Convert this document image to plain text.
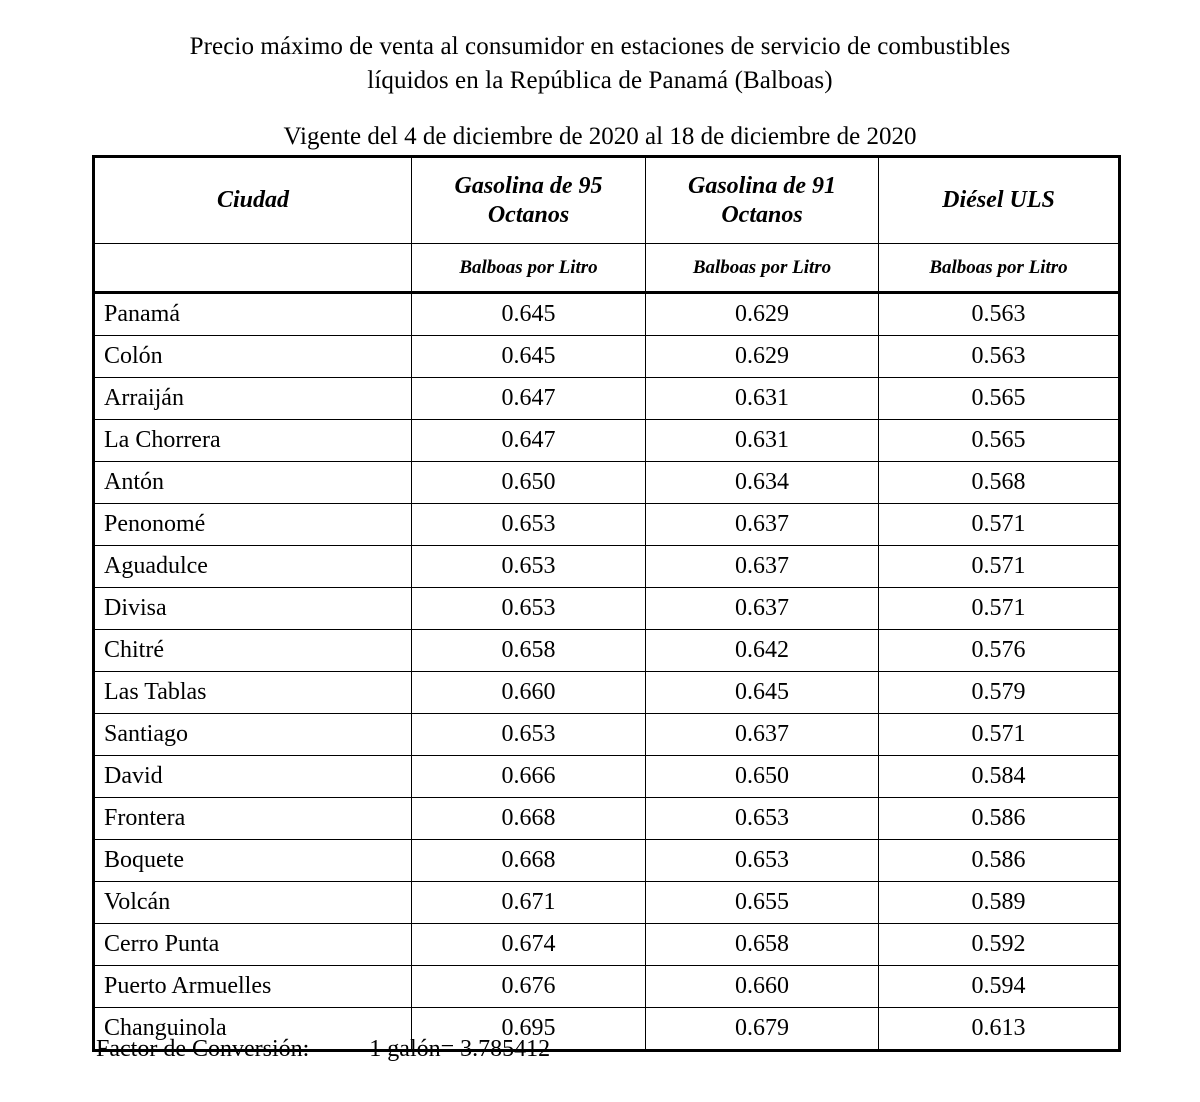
Precio máximo de venta al consumidor en estaciones de servicio de combustibles
líquidos en la República de Panamá (Balboas)
Vigente del 4 de diciembre de 2020 al 18 de diciembre de 2020
Ciudad	Gasolina de 95 Octanos	Gasolina de 91 Octanos	Diésel ULS
	Balboas por Litro	Balboas por Litro	Balboas por Litro
Panamá	0.645	0.629	0.563
Colón	0.645	0.629	0.563
Arraiján	0.647	0.631	0.565
La Chorrera	0.647	0.631	0.565
Antón	0.650	0.634	0.568
Penonomé	0.653	0.637	0.571
Aguadulce	0.653	0.637	0.571
Divisa	0.653	0.637	0.571
Chitré	0.658	0.642	0.576
Las Tablas	0.660	0.645	0.579
Santiago	0.653	0.637	0.571
David	0.666	0.650	0.584
Frontera	0.668	0.653	0.586
Boquete	0.668	0.653	0.586
Volcán	0.671	0.655	0.589
Cerro Punta	0.674	0.658	0.592
Puerto Armuelles	0.676	0.660	0.594
Changuinola	0.695	0.679	0.613
Factor de Conversión:	1 galón= 3.785412
